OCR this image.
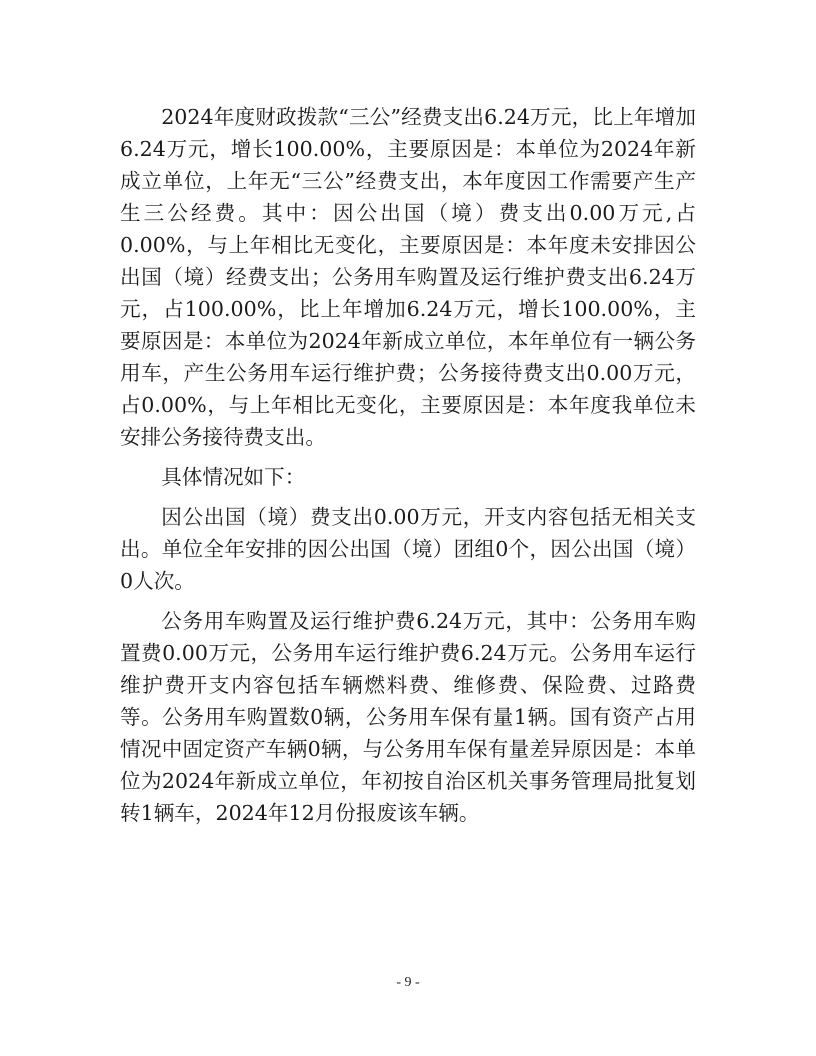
2024年度财政拨款“三公”经费支出6.24万元，比上年增加6.24万元，增长100.00%，主要原因是：本单位为2024年新成立单位，上年无“三公”经费支出，本年度因工作需要产生产生三公经费。其中：因公出国（境）费支出0.00万元,占0.00%，与上年相比无变化，主要原因是：本年度未安排因公出国（境）经费支出；公务用车购置及运行维护费支出6.24万元，占100.00%，比上年增加6.24万元，增长100.00%，主要原因是：本单位为2024年新成立单位，本年单位有一辆公务用车，产生公务用车运行维护费；公务接待费支出0.00万元，占0.00%，与上年相比无变化，主要原因是：本年度我单位未安排公务接待费支出。

具体情况如下：

因公出国（境）费支出0.00万元，开支内容包括无相关支出。单位全年安排的因公出国（境）团组0个，因公出国（境）0人次。

公务用车购置及运行维护费6.24万元，其中：公务用车购置费0.00万元，公务用车运行维护费6.24万元。公务用车运行维护费开支内容包括车辆燃料费、维修费、保险费、过路费等。公务用车购置数0辆，公务用车保有量1辆。国有资产占用情况中固定资产车辆0辆，与公务用车保有量差异原因是：本单位为2024年新成立单位，年初按自治区机关事务管理局批复划转1辆车，2024年12月份报废该车辆。

- 9 -
